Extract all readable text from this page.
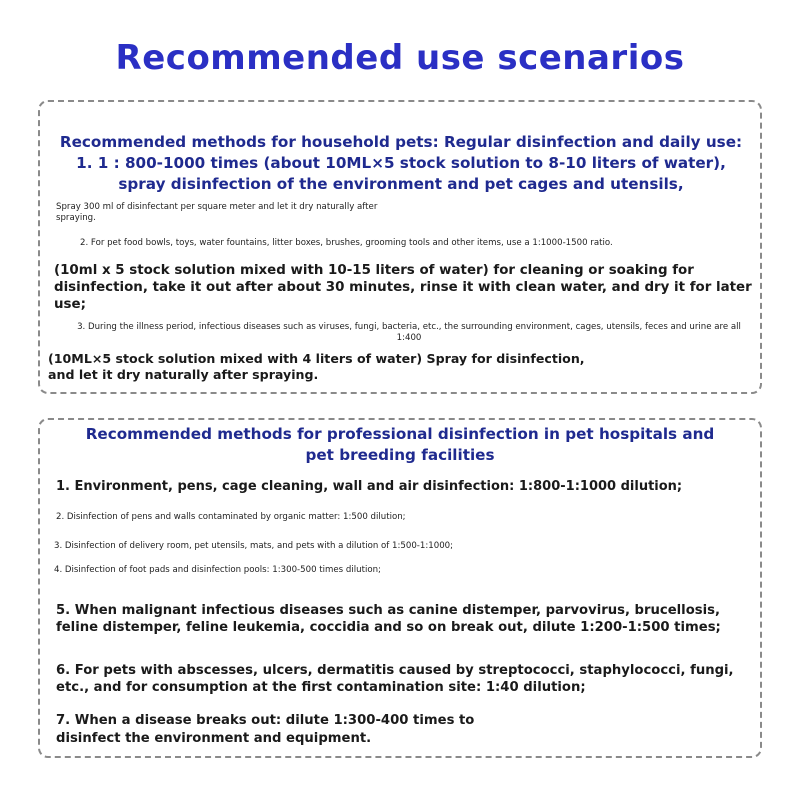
Recommended use scenarios
Recommended methods for household pets: Regular disinfection and daily use: 1. 1 : 800-1000 times (about 10ML×5 stock solution to 8-10 liters of water), spray disinfection of the environment and pet cages and utensils,
Spray 300 ml of disinfectant per square meter and let it dry naturally after spraying.
2. For pet food bowls, toys, water fountains, litter boxes, brushes, grooming tools and other items, use a 1:1000-1500 ratio.
(10ml x 5 stock solution mixed with 10-15 liters of water) for cleaning or soaking for disinfection, take it out after about 30 minutes, rinse it with clean water, and dry it for later use;
3. During the illness period, infectious diseases such as viruses, fungi, bacteria, etc., the surrounding environment, cages, utensils, feces and urine are all 1:400
(10ML×5 stock solution mixed with 4 liters of water) Spray for disinfection,
and let it dry naturally after spraying.
Recommended methods for professional disinfection in pet hospitals and pet breeding facilities
1. Environment, pens, cage cleaning, wall and air disinfection: 1:800-1:1000 dilution;
2. Disinfection of pens and walls contaminated by organic matter: 1:500 dilution;
3. Disinfection of delivery room, pet utensils, mats, and pets with a dilution of 1:500-1:1000;
4. Disinfection of foot pads and disinfection pools: 1:300-500 times dilution;
5. When malignant infectious diseases such as canine distemper, parvovirus, brucellosis, feline distemper, feline leukemia, coccidia and so on break out, dilute 1:200-1:500 times;
6. For pets with abscesses, ulcers, dermatitis caused by streptococci, staphylococci, fungi, etc., and for consumption at the first contamination site: 1:40 dilution;
7. When a disease breaks out: dilute 1:300-400 times to
disinfect the environment and equipment.
